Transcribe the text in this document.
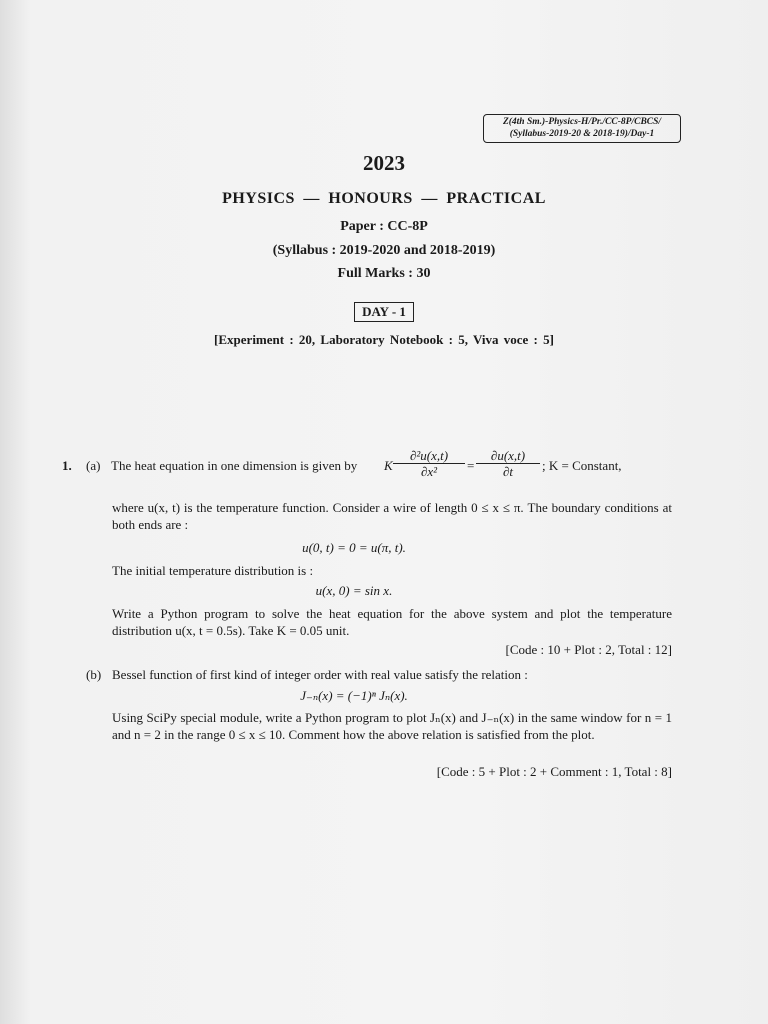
Z(4th Sm.)-Physics-H/Pr./CC-8P/CBCS/
(Syllabus-2019-20 & 2018-19)/Day-1
2023
PHYSICS — HONOURS — PRACTICAL
Paper : CC-8P
(Syllabus : 2019-2020 and 2018-2019)
Full Marks : 30
DAY - 1
[Experiment : 20, Laboratory Notebook : 5, Viva voce : 5]
1. (a) The heat equation in one dimension is given by K $\frac{\text{∂²u(x,t)}}{\text{∂x²}} = \frac{\partial u(x,t)}{\partial t}$ ; K = Constant,
where u(x, t) is the temperature function. Consider a wire of length 0 ≤ x ≤ π. The boundary conditions at both ends are :
u(0, t) = 0 = u(π, t).
The initial temperature distribution is :
u(x, 0) = sin x.
Write a Python program to solve the heat equation for the above system and plot the temperature distribution u(x, t = 0.5s). Take K = 0.05 unit.
[Code : 10 + Plot : 2, Total : 12]
(b) Bessel function of first kind of integer order with real value satisfy the relation :
J₋ₙ(x) = (−1)ⁿ Jₙ(x).
Using SciPy special module, write a Python program to plot Jₙ(x) and J₋ₙ(x) in the same window for n = 1 and n = 2 in the range 0 ≤ x ≤ 10. Comment how the above relation is satisfied from the plot.
[Code : 5 + Plot : 2 + Comment : 1, Total : 8]
